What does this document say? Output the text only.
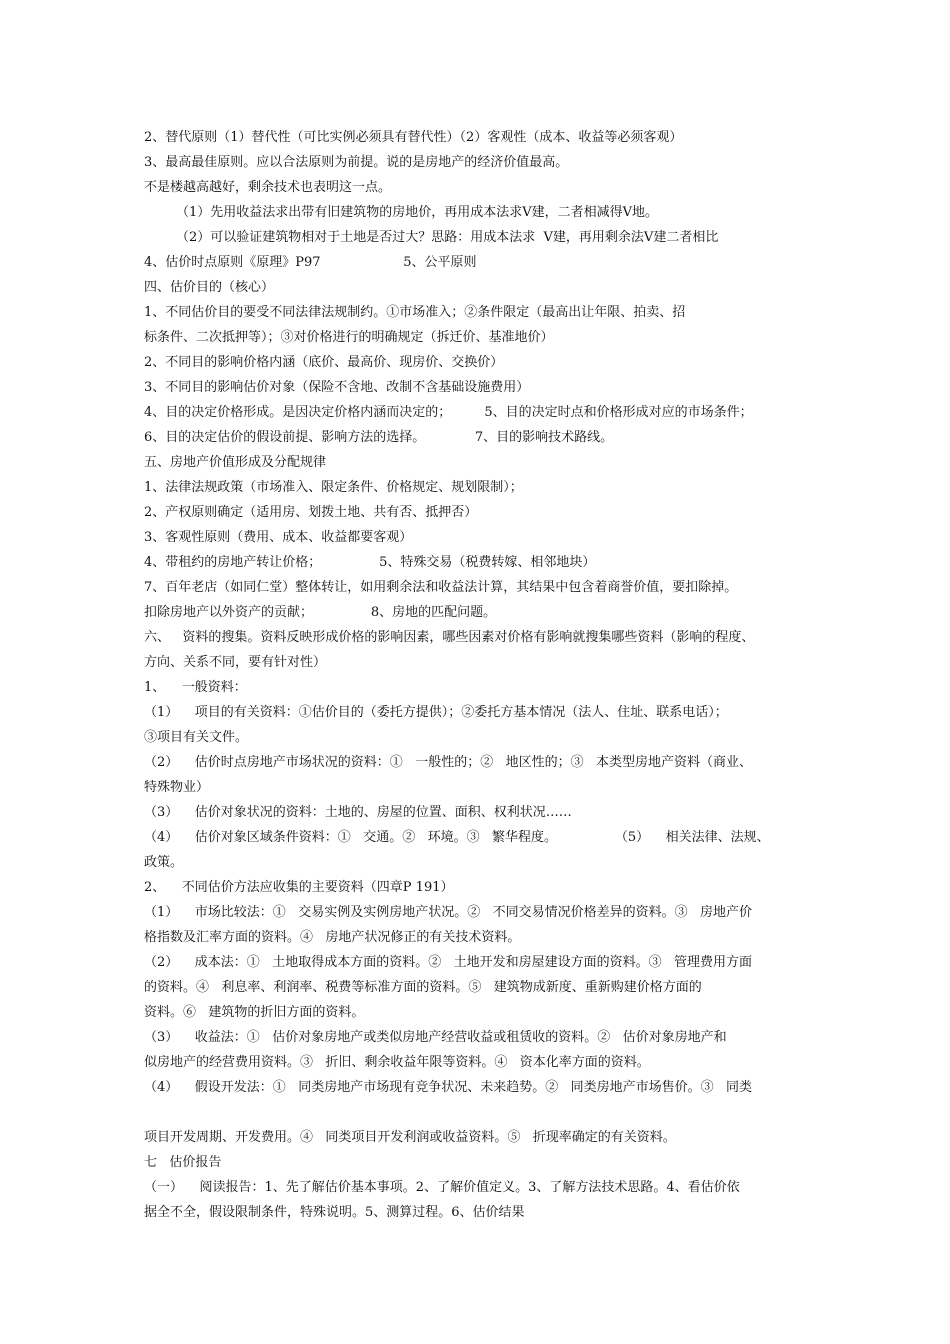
2、替代原则（1）替代性（可比实例必须具有替代性）（2）客观性（成本、收益等必须客观）
3、最高最佳原则。应以合法原则为前提。说的是房地产的经济价值最高。
不是楼越高越好，剩余技术也表明这一点。
（1）先用收益法求出带有旧建筑物的房地价，再用成本法求V建，二者相减得V地。
（2）可以验证建筑物相对于土地是否过大？思路：用成本法求  V建，再用剩余法V建二者相比
4、估价时点原则《原理》P97                    5、公平原则
四、估价目的（核心）
1、不同估价目的要受不同法律法规制约。①市场准入；②条件限定（最高出让年限、拍卖、招
标条件、二次抵押等）；③对价格进行的明确规定（拆迁价、基准地价）
2、不同目的影响价格内涵（底价、最高价、现房价、交换价）
3、不同目的影响估价对象（保险不含地、改制不含基础设施费用）
4、目的决定价格形成。是因决定价格内涵而决定的；        5、目的决定时点和价格形成对应的市场条件；
6、目的决定估价的假设前提、影响方法的选择。            7、目的影响技术路线。
五、房地产价值形成及分配规律
1、法律法规政策（市场准入、限定条件、价格规定、规划限制）；
2、产权原则确定（适用房、划拨土地、共有否、抵押否）
3、客观性原则（费用、成本、收益都要客观）
4、带租约的房地产转让价格；              5、特殊交易（税费转嫁、相邻地块）
7、百年老店（如同仁堂）整体转让，如用剩余法和收益法计算，其结果中包含着商誉价值，要扣除掉。
扣除房地产以外资产的贡献；              8、房地的匹配问题。
六、   资料的搜集。资料反映形成价格的影响因素，哪些因素对价格有影响就搜集哪些资料（影响的程度、
方向、关系不同，要有针对性）
1、    一般资料：
（1）    项目的有关资料：①估价目的（委托方提供）；②委托方基本情况（法人、住址、联系电话）；
③项目有关文件。
（2）    估价时点房地产市场状况的资料：①   一般性的；②   地区性的；③   本类型房地产资料（商业、
特殊物业）
（3）    估价对象状况的资料：土地的、房屋的位置、面积、权利状况……
（4）    估价对象区域条件资料：①   交通。②   环境。③   繁华程度。              （5）    相关法律、法规、
政策。
2、    不同估价方法应收集的主要资料（四章P 191）
（1）    市场比较法：①   交易实例及实例房地产状况。②   不同交易情况价格差异的资料。③   房地产价
格指数及汇率方面的资料。④   房地产状况修正的有关技术资料。
（2）    成本法：①   土地取得成本方面的资料。②   土地开发和房屋建设方面的资料。③   管理费用方面
的资料。④   利息率、利润率、税费等标准方面的资料。⑤   建筑物成新度、重新购建价格方面的
资料。⑥   建筑物的折旧方面的资料。
（3）    收益法：①   估价对象房地产或类似房地产经营收益或租赁收的资料。②   估价对象房地产和
似房地产的经营费用资料。③   折旧、剩余收益年限等资料。④   资本化率方面的资料。
（4）    假设开发法：①   同类房地产市场现有竞争状况、未来趋势。②   同类房地产市场售价。③   同类
项目开发周期、开发费用。④   同类项目开发利润或收益资料。⑤   折现率确定的有关资料。
七   估价报告
（一）    阅读报告：1、先了解估价基本事项。2、了解价值定义。3、了解方法技术思路。4、看估价依
据全不全，假设限制条件，特殊说明。5、测算过程。6、估价结果
